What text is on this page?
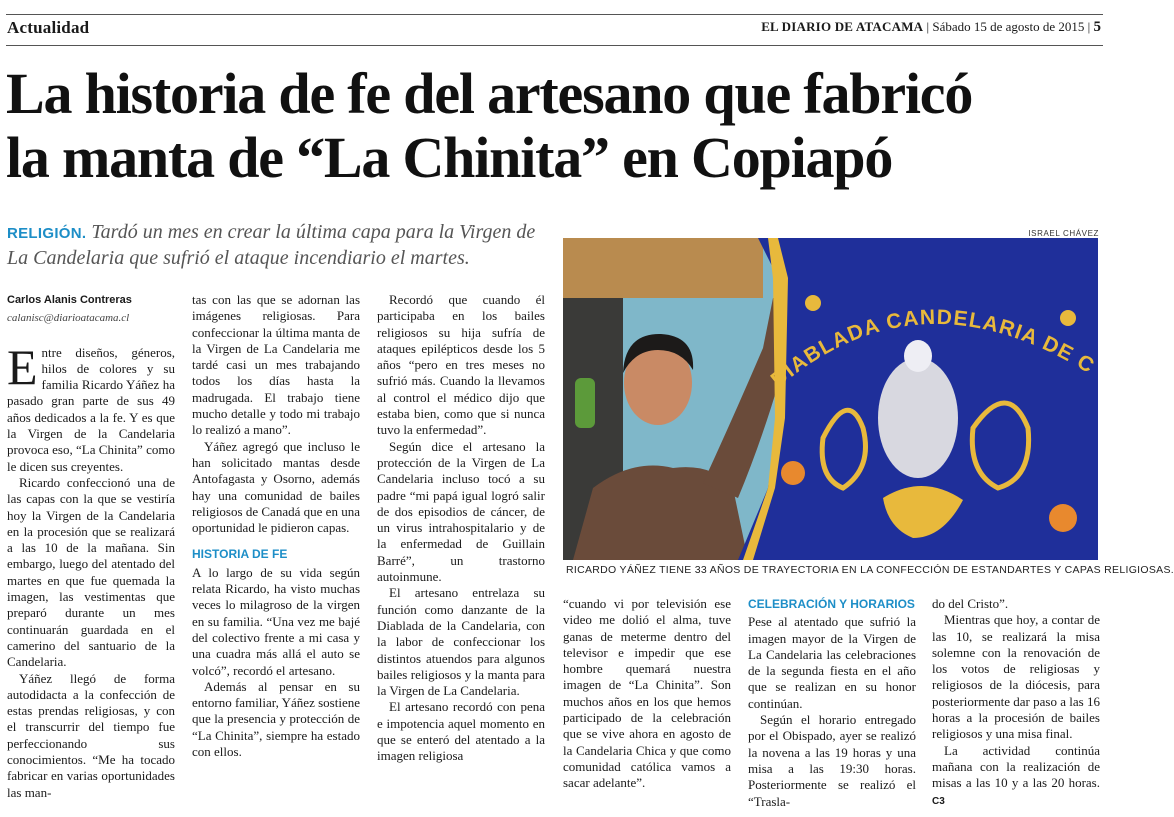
Actualidad	EL DIARIO DE ATACAMA | Sábado 15 de agosto de 2015 | 5
La historia de fe del artesano que fabricó
la manta de “La Chinita” en Copiapó
RELIGIÓN. Tardó un mes en crear la última capa para la Virgen de La Candelaria que sufrió el ataque incendiario el martes.
ISRAEL CHÁVEZ
DIABLADA CANDELARIA DE C
RICARDO YÁÑEZ TIENE 33 AÑOS DE TRAYECTORIA EN LA CONFECCIÓN DE ESTANDARTES Y CAPAS RELIGIOSAS.
Carlos Alanis Contreras
calanisc@diarioatacama.cl

Entre diseños, géneros, hilos de colores y su familia Ricardo Yáñez ha pasado gran parte de sus 49 años dedicados a la fe. Y es que la Virgen de la Candelaria provoca eso, “La Chinita” como le dicen sus creyentes.

Ricardo confeccionó una de las capas con la que se vestiría hoy la Virgen de la Candelaria en la procesión que se realizará a las 10 de la mañana. Sin embargo, luego del atentado del martes en que fue quemada la imagen, las vestimentas que preparó durante un mes continuarán guardada en el camerino del santuario de la Candelaria.

Yáñez llegó de forma autodidacta a la confección de estas prendas religiosas, y con el transcurrir del tiempo fue perfeccionando sus conocimientos. “Me ha tocado fabricar en varias oportunidades las man-

tas con las que se adornan las imágenes religiosas. Para confeccionar la última manta de la Virgen de La Candelaria me tardé casi un mes trabajando todos los días hasta la madrugada. El trabajo tiene mucho detalle y todo mi trabajo lo realizó a mano”.

Yáñez agregó que incluso le han solicitado mantas desde Antofagasta y Osorno, además hay una comunidad de bailes religiosos de Canadá que en una oportunidad le pidieron capas.

HISTORIA DE FE

A lo largo de su vida según relata Ricardo, ha visto muchas veces lo milagroso de la virgen en su familia. “Una vez me bajé del colectivo frente a mi casa y una cuadra más allá el auto se volcó”, recordó el artesano.

Además al pensar en su entorno familiar, Yáñez sostiene que la presencia y protección de “La Chinita”, siempre ha estado con ellos.

Recordó que cuando él participaba en los bailes religiosos su hija sufría de ataques epilépticos desde los 5 años “pero en tres meses no sufrió más. Cuando la llevamos al control el médico dijo que estaba bien, como que si nunca tuvo la enfermedad”.

Según dice el artesano la protección de la Virgen de La Candelaria incluso tocó a su padre “mi papá igual logró salir de dos episodios de cáncer, de un virus intrahospitalario y de la enfermedad de Guillain Barré”, un trastorno autoinmune.

El artesano entrelaza su función como danzante de la Diablada de la Candelaria, con la labor de confeccionar los distintos atuendos para algunos bailes religiosos y la manta para la Virgen de La Candelaria.

El artesano recordó con pena e impotencia aquel momento en que se enteró del atentado a la imagen religiosa

“cuando vi por televisión ese video me dolió el alma, tuve ganas de meterme dentro del televisor e impedir que ese hombre quemará nuestra imagen de “La Chinita”. Son muchos años en los que hemos participado de la celebración que se vive ahora en agosto de la Candelaria Chica y que como comunidad católica vamos a sacar adelante”.

CELEBRACIÓN Y HORARIOS

Pese al atentado que sufrió la imagen mayor de la Virgen de La Candelaria las celebraciones de la segunda fiesta en el año que se realizan en su honor continúan.

Según el horario entregado por el Obispado, ayer se realizó la novena a las 19 horas y una misa a las 19:30 horas. Posteriormente se realizó el “Trasla-

do del Cristo”.

Mientras que hoy, a contar de las 10, se realizará la misa solemne con la renovación de los votos de religiosas y religiosos de la diócesis, para posteriormente dar paso a las 16 horas a la procesión de bailes religiosos y una misa final.

La actividad continúa mañana con la realización de misas a las 10 y a las 20 horas. C3
